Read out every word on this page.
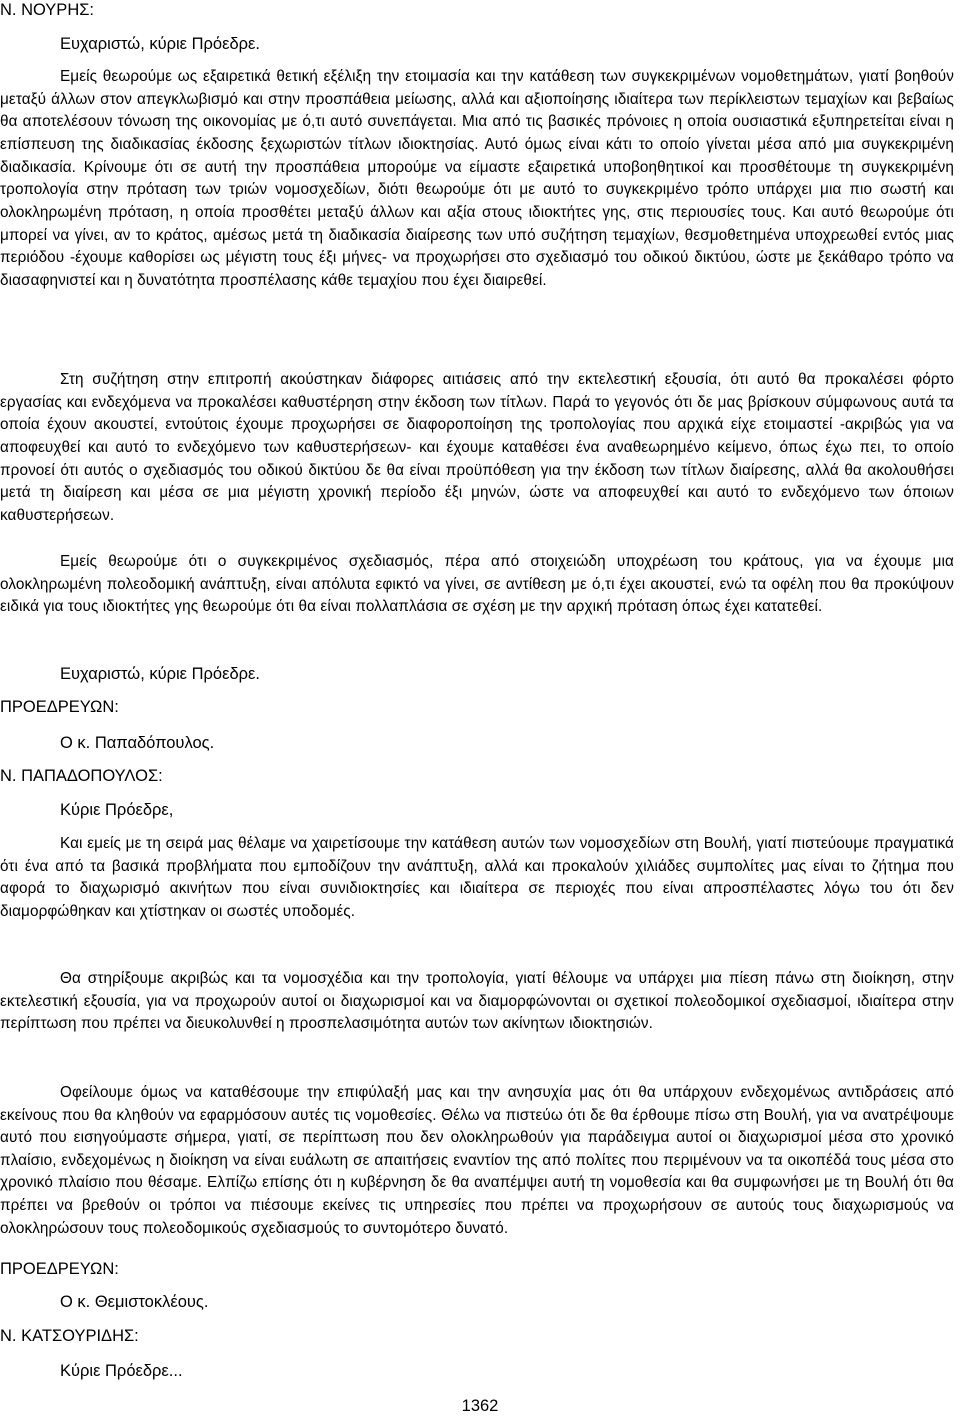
Ν. ΝΟΥΡΗΣ:
Ευχαριστώ, κύριε Πρόεδρε.
Εμείς θεωρούμε ως εξαιρετικά θετική εξέλιξη την ετοιμασία και την κατάθεση των συγκεκριμένων νομοθετημάτων, γιατί βοηθούν μεταξύ άλλων στον απεγκλωβισμό και στην προσπάθεια μείωσης, αλλά και αξιοποίησης ιδιαίτερα των περίκλειστων τεμαχίων και βεβαίως θα αποτελέσουν τόνωση της οικονομίας με ό,τι αυτό συνεπάγεται. Μια από τις βασικές πρόνοιες η οποία ουσιαστικά εξυπηρετείται είναι η επίσπευση της διαδικασίας έκδοσης ξεχωριστών τίτλων ιδιοκτησίας. Αυτό όμως είναι κάτι το οποίο γίνεται μέσα από μια συγκεκριμένη διαδικασία. Κρίνουμε ότι σε αυτή την προσπάθεια μπορούμε να είμαστε εξαιρετικά υποβοηθητικοί και προσθέτουμε τη συγκεκριμένη τροπολογία στην πρόταση των τριών νομοσχεδίων, διότι θεωρούμε ότι με αυτό το συγκεκριμένο τρόπο υπάρχει μια πιο σωστή και ολοκληρωμένη πρόταση, η οποία προσθέτει μεταξύ άλλων και αξία στους ιδιοκτήτες γης, στις περιουσίες τους. Και αυτό θεωρούμε ότι μπορεί να γίνει, αν το κράτος, αμέσως μετά τη διαδικασία διαίρεσης των υπό συζήτηση τεμαχίων, θεσμοθετημένα υποχρεωθεί εντός μιας περιόδου -έχουμε καθορίσει ως μέγιστη τους έξι μήνες- να προχωρήσει στο σχεδιασμό του οδικού δικτύου, ώστε με ξεκάθαρο τρόπο να διασαφηνιστεί και η δυνατότητα προσπέλασης κάθε τεμαχίου που έχει διαιρεθεί.
Στη συζήτηση στην επιτροπή ακούστηκαν διάφορες αιτιάσεις από την εκτελεστική εξουσία, ότι αυτό θα προκαλέσει φόρτο εργασίας και ενδεχόμενα να προκαλέσει καθυστέρηση στην έκδοση των τίτλων. Παρά το γεγονός ότι δε μας βρίσκουν σύμφωνους αυτά τα οποία έχουν ακουστεί, εντούτοις έχουμε προχωρήσει σε διαφοροποίηση της τροπολογίας που αρχικά είχε ετοιμαστεί -ακριβώς για να αποφευχθεί και αυτό το ενδεχόμενο των καθυστερήσεων- και έχουμε καταθέσει ένα αναθεωρημένο κείμενο, όπως έχω πει, το οποίο προνοεί ότι αυτός ο σχεδιασμός του οδικού δικτύου δε θα είναι προϋπόθεση για την έκδοση των τίτλων διαίρεσης, αλλά θα ακολουθήσει μετά τη διαίρεση και μέσα σε μια μέγιστη χρονική περίοδο έξι μηνών, ώστε να αποφευχθεί και αυτό το ενδεχόμενο των όποιων καθυστερήσεων.
Εμείς θεωρούμε ότι ο συγκεκριμένος σχεδιασμός, πέρα από στοιχειώδη υποχρέωση του κράτους, για να έχουμε μια ολοκληρωμένη πολεοδομική ανάπτυξη, είναι απόλυτα εφικτό να γίνει, σε αντίθεση με ό,τι έχει ακουστεί, ενώ τα οφέλη που θα προκύψουν ειδικά για τους ιδιοκτήτες γης θεωρούμε ότι θα είναι πολλαπλάσια σε σχέση με την αρχική πρόταση όπως έχει κατατεθεί.
Ευχαριστώ, κύριε Πρόεδρε.
ΠΡΟΕΔΡΕΥΩΝ:
Ο κ. Παπαδόπουλος.
Ν. ΠΑΠΑΔΟΠΟΥΛΟΣ:
Κύριε Πρόεδρε,
Και εμείς με τη σειρά μας θέλαμε να χαιρετίσουμε την κατάθεση αυτών των νομοσχεδίων στη Βουλή, γιατί πιστεύουμε πραγματικά ότι ένα από τα βασικά προβλήματα που εμποδίζουν την ανάπτυξη, αλλά και προκαλούν χιλιάδες συμπολίτες μας είναι το ζήτημα που αφορά το διαχωρισμό ακινήτων που είναι συνιδιοκτησίες και ιδιαίτερα σε περιοχές που είναι απροσπέλαστες λόγω του ότι δεν διαμορφώθηκαν και χτίστηκαν οι σωστές υποδομές.
Θα στηρίξουμε ακριβώς και τα νομοσχέδια και την τροπολογία, γιατί θέλουμε να υπάρχει μια πίεση πάνω στη διοίκηση, στην εκτελεστική εξουσία, για να προχωρούν αυτοί οι διαχωρισμοί και να διαμορφώνονται οι σχετικοί πολεοδομικοί σχεδιασμοί, ιδιαίτερα στην περίπτωση που πρέπει να διευκολυνθεί η προσπελασιμότητα αυτών των ακίνητων ιδιοκτησιών.
Οφείλουμε όμως να καταθέσουμε την επιφύλαξή μας και την ανησυχία μας ότι θα υπάρχουν ενδεχομένως αντιδράσεις από εκείνους που θα κληθούν να εφαρμόσουν αυτές τις νομοθεσίες. Θέλω να πιστεύω ότι δε θα έρθουμε πίσω στη Βουλή, για να ανατρέψουμε αυτό που εισηγούμαστε σήμερα, γιατί, σε περίπτωση που δεν ολοκληρωθούν για παράδειγμα αυτοί οι διαχωρισμοί μέσα στο χρονικό πλαίσιο, ενδεχομένως η διοίκηση να είναι ευάλωτη σε απαιτήσεις εναντίον της από πολίτες που περιμένουν να τα οικοπέδά τους μέσα στο χρονικό πλαίσιο που θέσαμε. Ελπίζω επίσης ότι η κυβέρνηση δε θα αναπέμψει αυτή τη νομοθεσία και θα συμφωνήσει με τη Βουλή ότι θα πρέπει να βρεθούν οι τρόποι να πιέσουμε εκείνες τις υπηρεσίες που πρέπει να προχωρήσουν σε αυτούς τους διαχωρισμούς να ολοκληρώσουν τους πολεοδομικούς σχεδιασμούς το συντομότερο δυνατό.
ΠΡΟΕΔΡΕΥΩΝ:
Ο κ. Θεμιστοκλέους.
Ν. ΚΑΤΣΟΥΡΙΔΗΣ:
Κύριε Πρόεδρε...
1362
